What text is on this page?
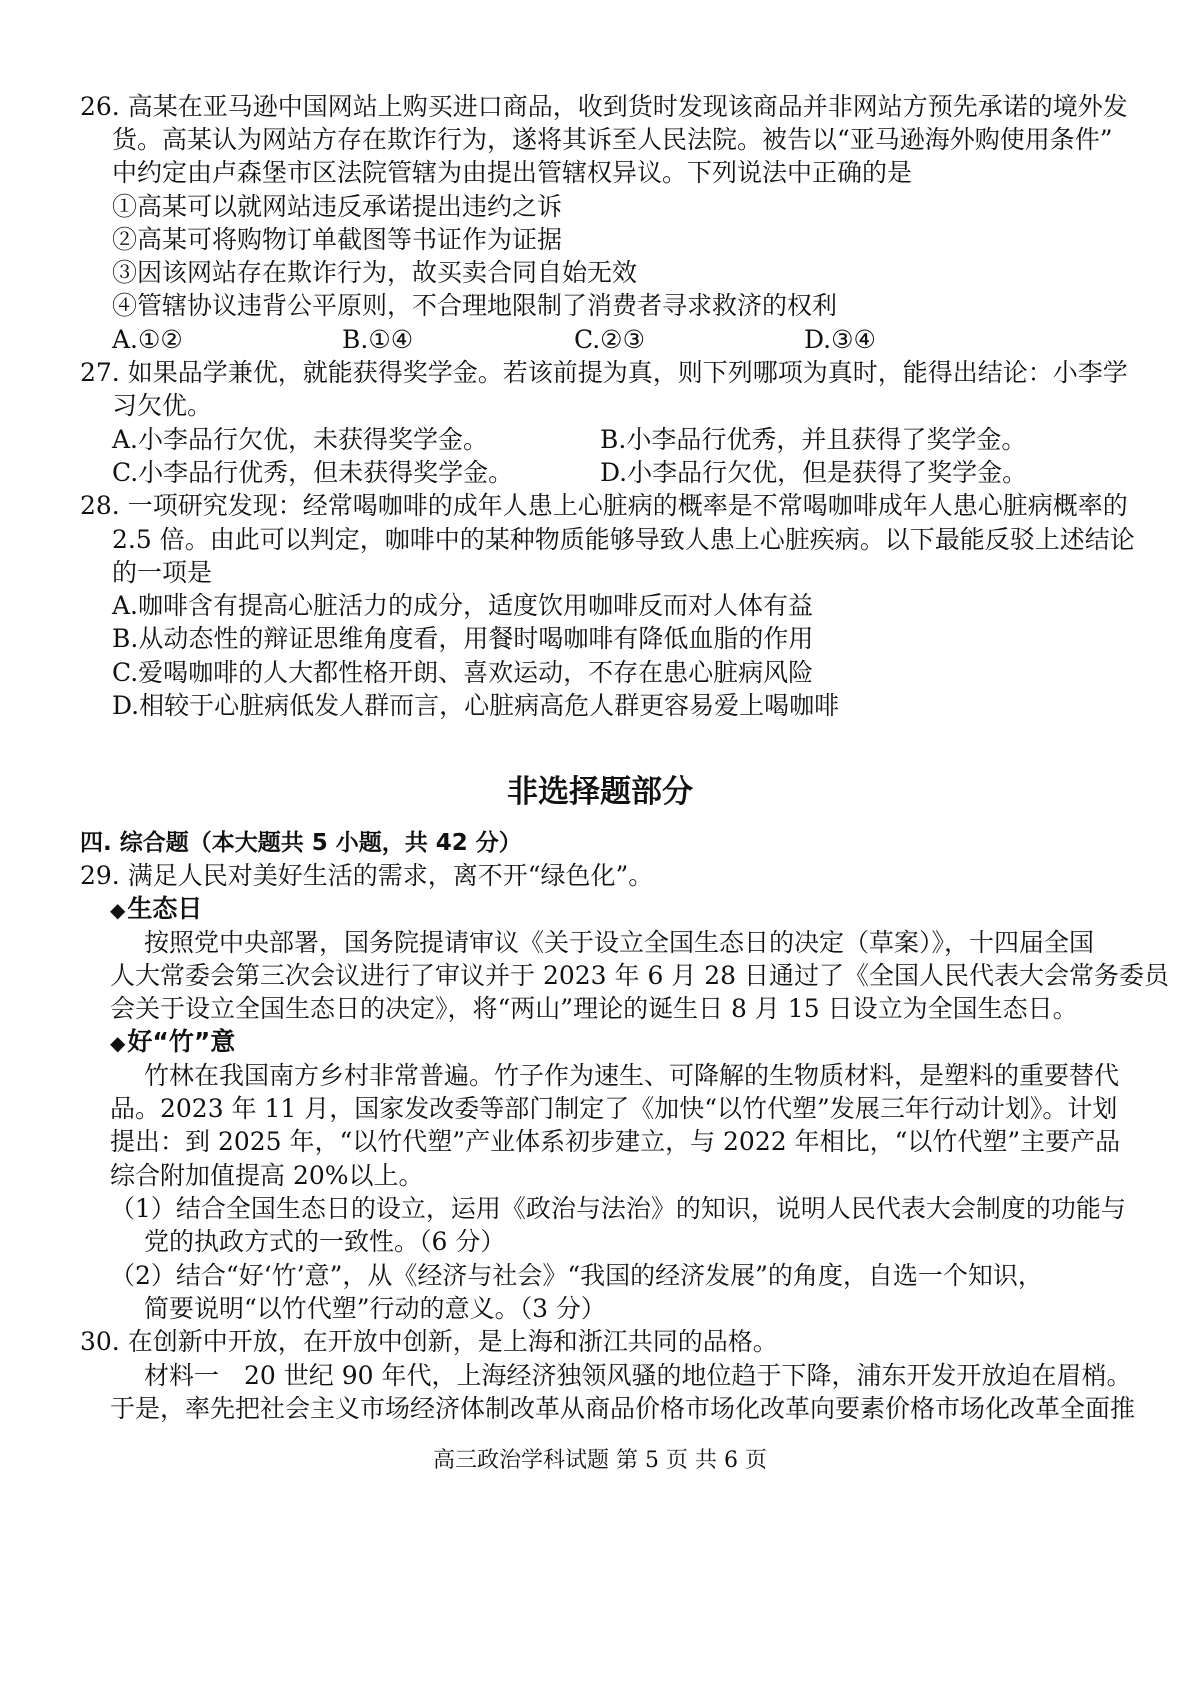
26. 高某在亚马逊中国网站上购买进口商品，收到货时发现该商品并非网站方预先承诺的境外发
货。高某认为网站方存在欺诈行为，遂将其诉至人民法院。被告以“亚马逊海外购使用条件”
中约定由卢森堡市区法院管辖为由提出管辖权异议。下列说法中正确的是
①高某可以就网站违反承诺提出违约之诉
②高某可将购物订单截图等书证作为证据
③因该网站存在欺诈行为，故买卖合同自始无效
④管辖协议违背公平原则，不合理地限制了消费者寻求救济的权利
A.①②	B.①④	C.②③	D.③④
27. 如果品学兼优，就能获得奖学金。若该前提为真，则下列哪项为真时，能得出结论：小李学
习欠优。
A.小李品行欠优，未获得奖学金。	B.小李品行优秀，并且获得了奖学金。
C.小李品行优秀，但未获得奖学金。	D.小李品行欠优，但是获得了奖学金。
28. 一项研究发现：经常喝咖啡的成年人患上心脏病的概率是不常喝咖啡成年人患心脏病概率的
2.5 倍。由此可以判定，咖啡中的某种物质能够导致人患上心脏疾病。以下最能反驳上述结论
的一项是
A.咖啡含有提高心脏活力的成分，适度饮用咖啡反而对人体有益
B.从动态性的辩证思维角度看，用餐时喝咖啡有降低血脂的作用
C.爱喝咖啡的人大都性格开朗、喜欢运动，不存在患心脏病风险
D.相较于心脏病低发人群而言，心脏病高危人群更容易爱上喝咖啡
非选择题部分
四. 综合题（本大题共 5 小题，共 42 分）
29. 满足人民对美好生活的需求，离不开“绿色化”。
◆生态日
按照党中央部署，国务院提请审议《关于设立全国生态日的决定（草案）》，十四届全国
人大常委会第三次会议进行了审议并于 2023 年 6 月 28 日通过了《全国人民代表大会常务委员
会关于设立全国生态日的决定》，将“两山”理论的诞生日 8 月 15 日设立为全国生态日。
◆好“竹”意
竹林在我国南方乡村非常普遍。竹子作为速生、可降解的生物质材料，是塑料的重要替代
品。2023 年 11 月，国家发改委等部门制定了《加快“以竹代塑”发展三年行动计划》。计划
提出：到 2025 年，“以竹代塑”产业体系初步建立，与 2022 年相比，“以竹代塑”主要产品
综合附加值提高 20%以上。
（1）结合全国生态日的设立，运用《政治与法治》的知识，说明人民代表大会制度的功能与
党的执政方式的一致性。（6 分）
（2）结合“好‘竹’意”，从《经济与社会》“我国的经济发展”的角度，自选一个知识，
简要说明“以竹代塑”行动的意义。（3 分）
30. 在创新中开放，在开放中创新，是上海和浙江共同的品格。
材料一　20 世纪 90 年代，上海经济独领风骚的地位趋于下降，浦东开发开放迫在眉梢。
于是，率先把社会主义市场经济体制改革从商品价格市场化改革向要素价格市场化改革全面推
高三政治学科试题 第 5 页 共 6 页
